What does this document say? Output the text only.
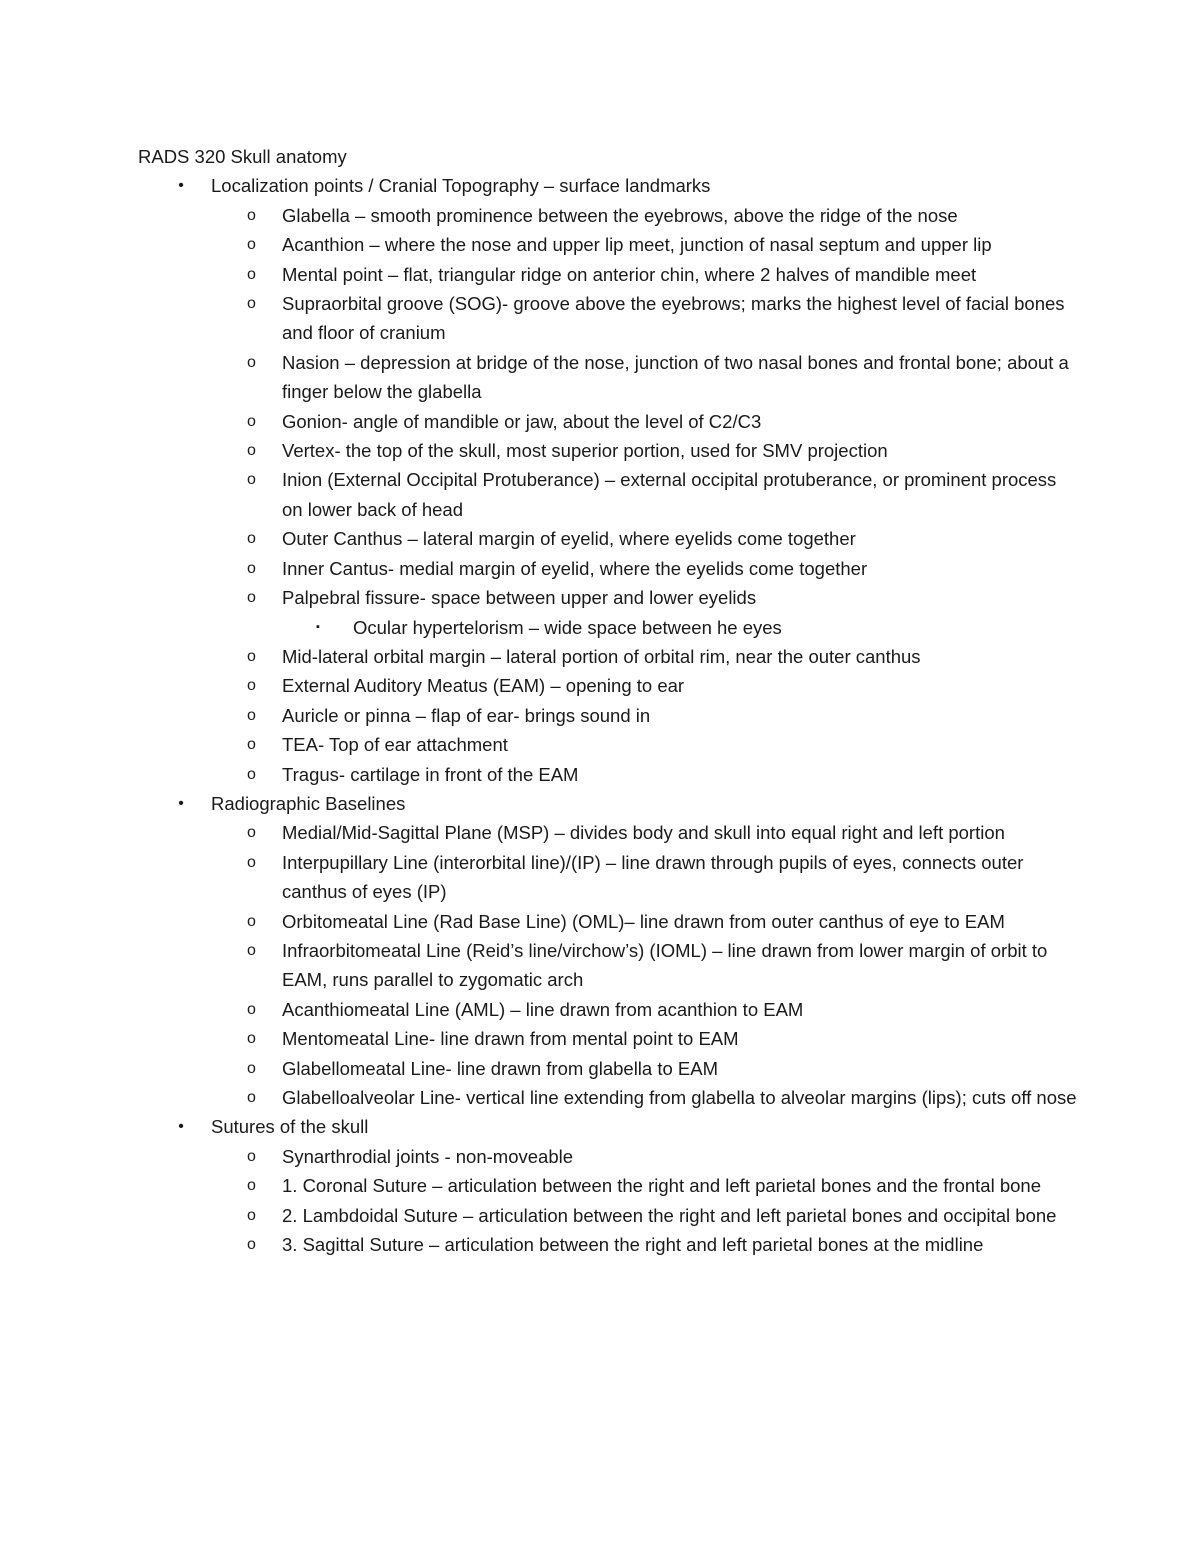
RADS 320 Skull anatomy

• Localization points / Cranial Topography – surface landmarks
o Glabella – smooth prominence between the eyebrows, above the ridge of the nose
o Acanthion – where the nose and upper lip meet, junction of nasal septum and upper lip
o Mental point – flat, triangular ridge on anterior chin, where 2 halves of mandible meet
o Supraorbital groove (SOG)- groove above the eyebrows; marks the highest level of facial bones and floor of cranium
o Nasion – depression at bridge of the nose, junction of two nasal bones and frontal bone; about a finger below the glabella
o Gonion- angle of mandible or jaw, about the level of C2/C3
o Vertex- the top of the skull, most superior portion, used for SMV projection
o Inion (External Occipital Protuberance) – external occipital protuberance, or prominent process on lower back of head
o Outer Canthus – lateral margin of eyelid, where eyelids come together
o Inner Cantus- medial margin of eyelid, where the eyelids come together
o Palpebral fissure- space between upper and lower eyelids
▪ Ocular hypertelorism – wide space between he eyes
o Mid-lateral orbital margin – lateral portion of orbital rim, near the outer canthus
o External Auditory Meatus (EAM) – opening to ear
o Auricle or pinna – flap of ear- brings sound in
o TEA- Top of ear attachment
o Tragus- cartilage in front of the EAM
• Radiographic Baselines
o Medial/Mid-Sagittal Plane (MSP) – divides body and skull into equal right and left portion
o Interpupillary Line (interorbital line)/(IP) – line drawn through pupils of eyes, connects outer canthus of eyes (IP)
o Orbitomeatal Line (Rad Base Line) (OML)– line drawn from outer canthus of eye to EAM
o Infraorbitomeatal Line (Reid’s line/virchow’s) (IOML) – line drawn from lower margin of orbit to EAM, runs parallel to zygomatic arch
o Acanthiomeatal Line (AML) – line drawn from acanthion to EAM
o Mentomeatal Line- line drawn from mental point to EAM
o Glabellomeatal Line- line drawn from glabella to EAM
o Glabelloalveolar Line- vertical line extending from glabella to alveolar margins (lips); cuts off nose
• Sutures of the skull
o Synarthrodial joints - non-moveable
o 1. Coronal Suture – articulation between the right and left parietal bones and the frontal bone
o 2. Lambdoidal Suture – articulation between the right and left parietal bones and occipital bone
o 3. Sagittal Suture – articulation between the right and left parietal bones at the midline
